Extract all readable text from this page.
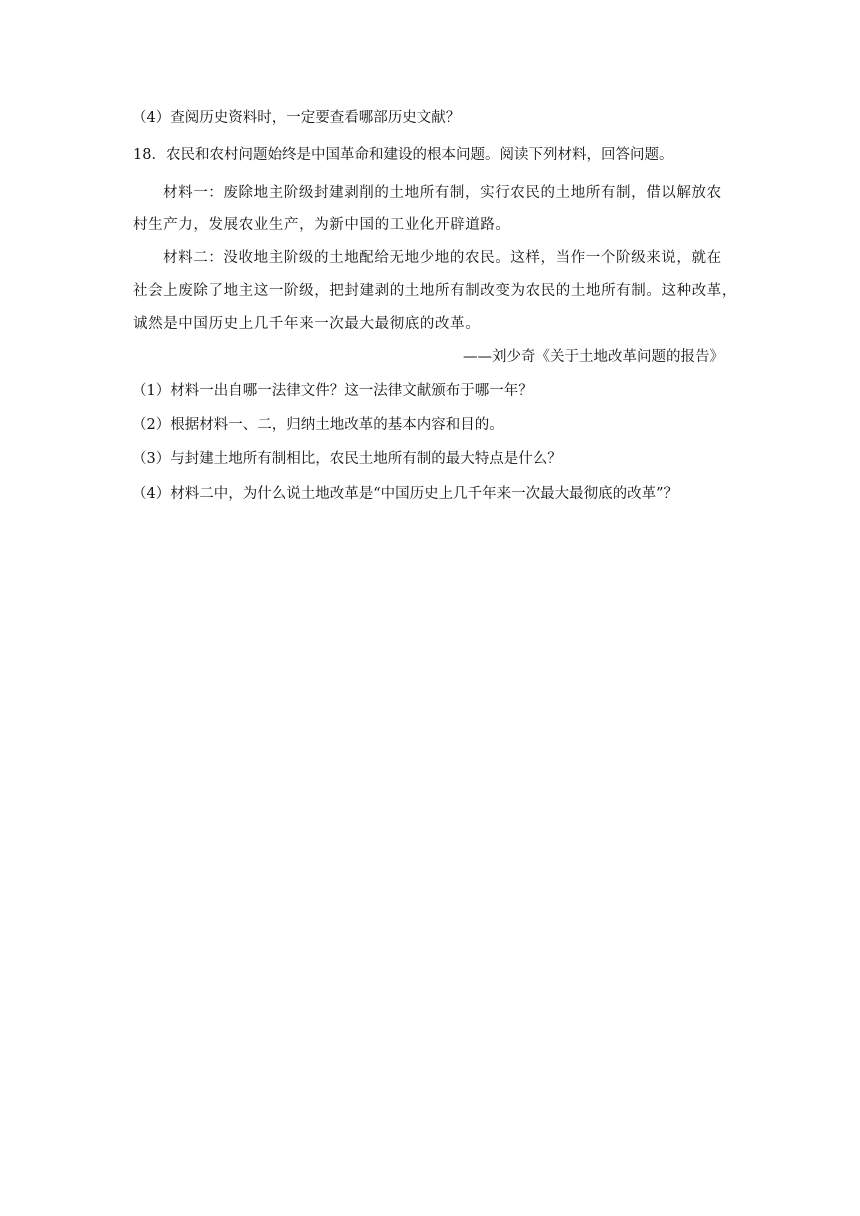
（4）查阅历史资料时，一定要查看哪部历史文献？
18．农民和农村问题始终是中国革命和建设的根本问题。阅读下列材料，回答问题。
材料一：废除地主阶级封建剥削的土地所有制，实行农民的土地所有制，借以解放农
村生产力，发展农业生产，为新中国的工业化开辟道路。
材料二：没收地主阶级的土地配给无地少地的农民。这样，当作一个阶级来说，就在
社会上废除了地主这一阶级，把封建剥的土地所有制改变为农民的土地所有制。这种改革，
诚然是中国历史上几千年来一次最大最彻底的改革。
——刘少奇《关于土地改革问题的报告》
（1）材料一出自哪一法律文件？这一法律文献颁布于哪一年？
（2）根据材料一、二，归纳土地改革的基本内容和目的。
（3）与封建土地所有制相比，农民土地所有制的最大特点是什么？
（4）材料二中，为什么说土地改革是“中国历史上几千年来一次最大最彻底的改革”？
